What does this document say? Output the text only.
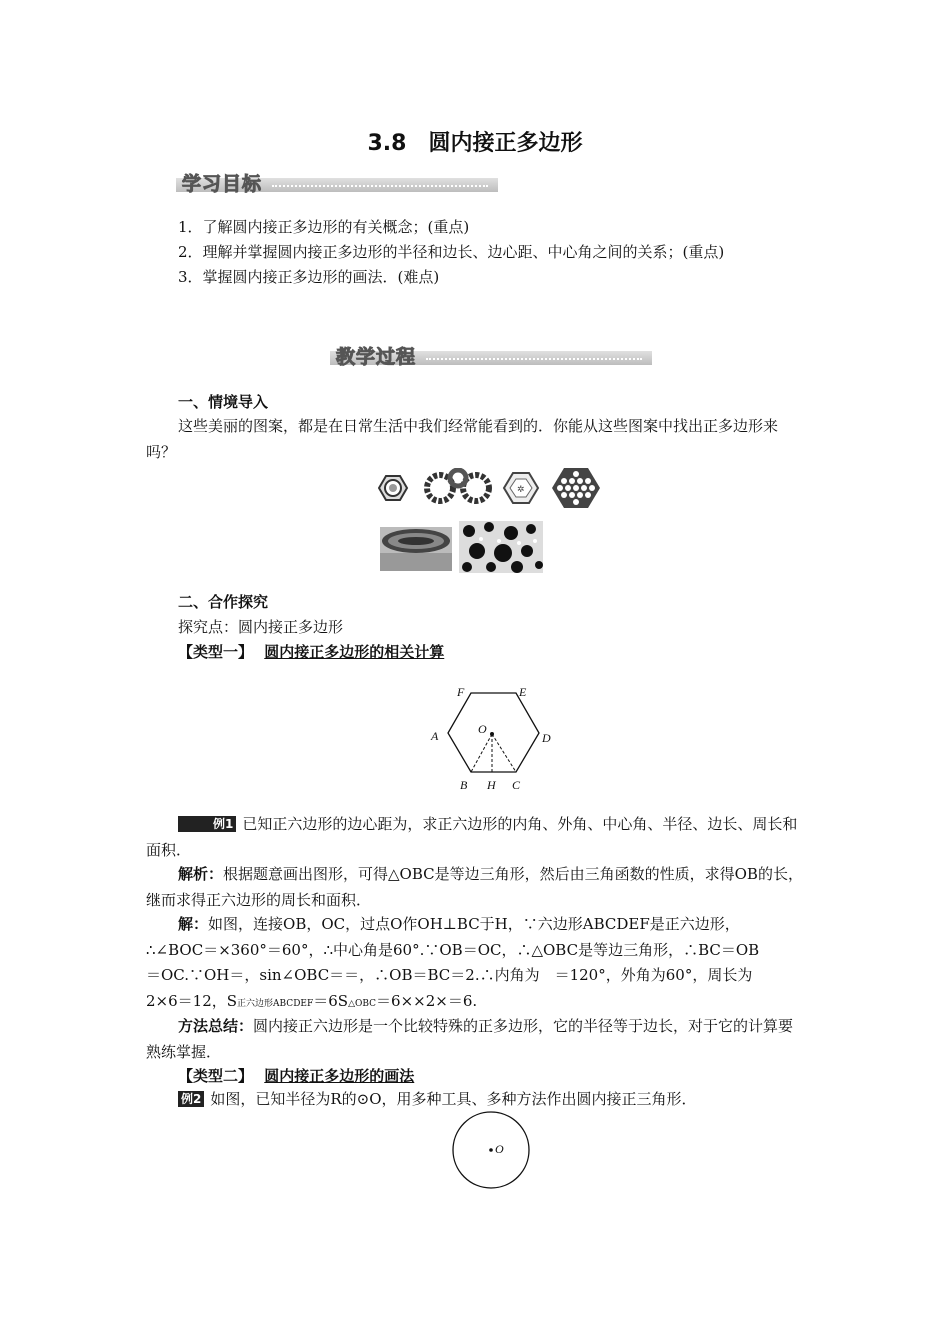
3.8　圆内接正多边形
学习目标
1．了解圆内接正多边形的有关概念；(重点)
2．理解并掌握圆内接正多边形的半径和边长、边心距、中心角之间的关系；(重点)
3．掌握圆内接正多边形的画法．(难点)
教学过程
一、情境导入
这些美丽的图案，都是在日常生活中我们经常能看到的．你能从这些图案中找出正多边形来吗？
✲
二、合作探究
探究点：圆内接正多边形
【类型一】 圆内接正多边形的相关计算
F	E
A	D
O
B H C
例1 已知正六边形的边心距为，求正六边形的内角、外角、中心角、半径、边长、周长和面积．
解析：根据题意画出图形，可得△OBC是等边三角形，然后由三角函数的性质，求得OB的长，继而求得正六边形的周长和面积．
解：如图，连接OB，OC，过点O作OH⊥BC于H，∵六边形ABCDEF是正六边形，
∴∠BOC＝×360°＝60°，∴中心角是60°.∵OB＝OC，∴△OBC是等边三角形，∴BC＝OB
＝OC.∵OH＝，sin∠OBC＝＝，∴OB＝BC＝2.∴内角为　＝120°，外角为60°，周长为
2×6＝12，S正六边形ABCDEF＝6S△OBC＝6××2×＝6.
方法总结：圆内接正六边形是一个比较特殊的正多边形，它的半径等于边长，对于它的计算要熟练掌握．
【类型二】 圆内接正多边形的画法
例2 如图，已知半径为R的⊙O，用多种工具、多种方法作出圆内接正三角形．
O
